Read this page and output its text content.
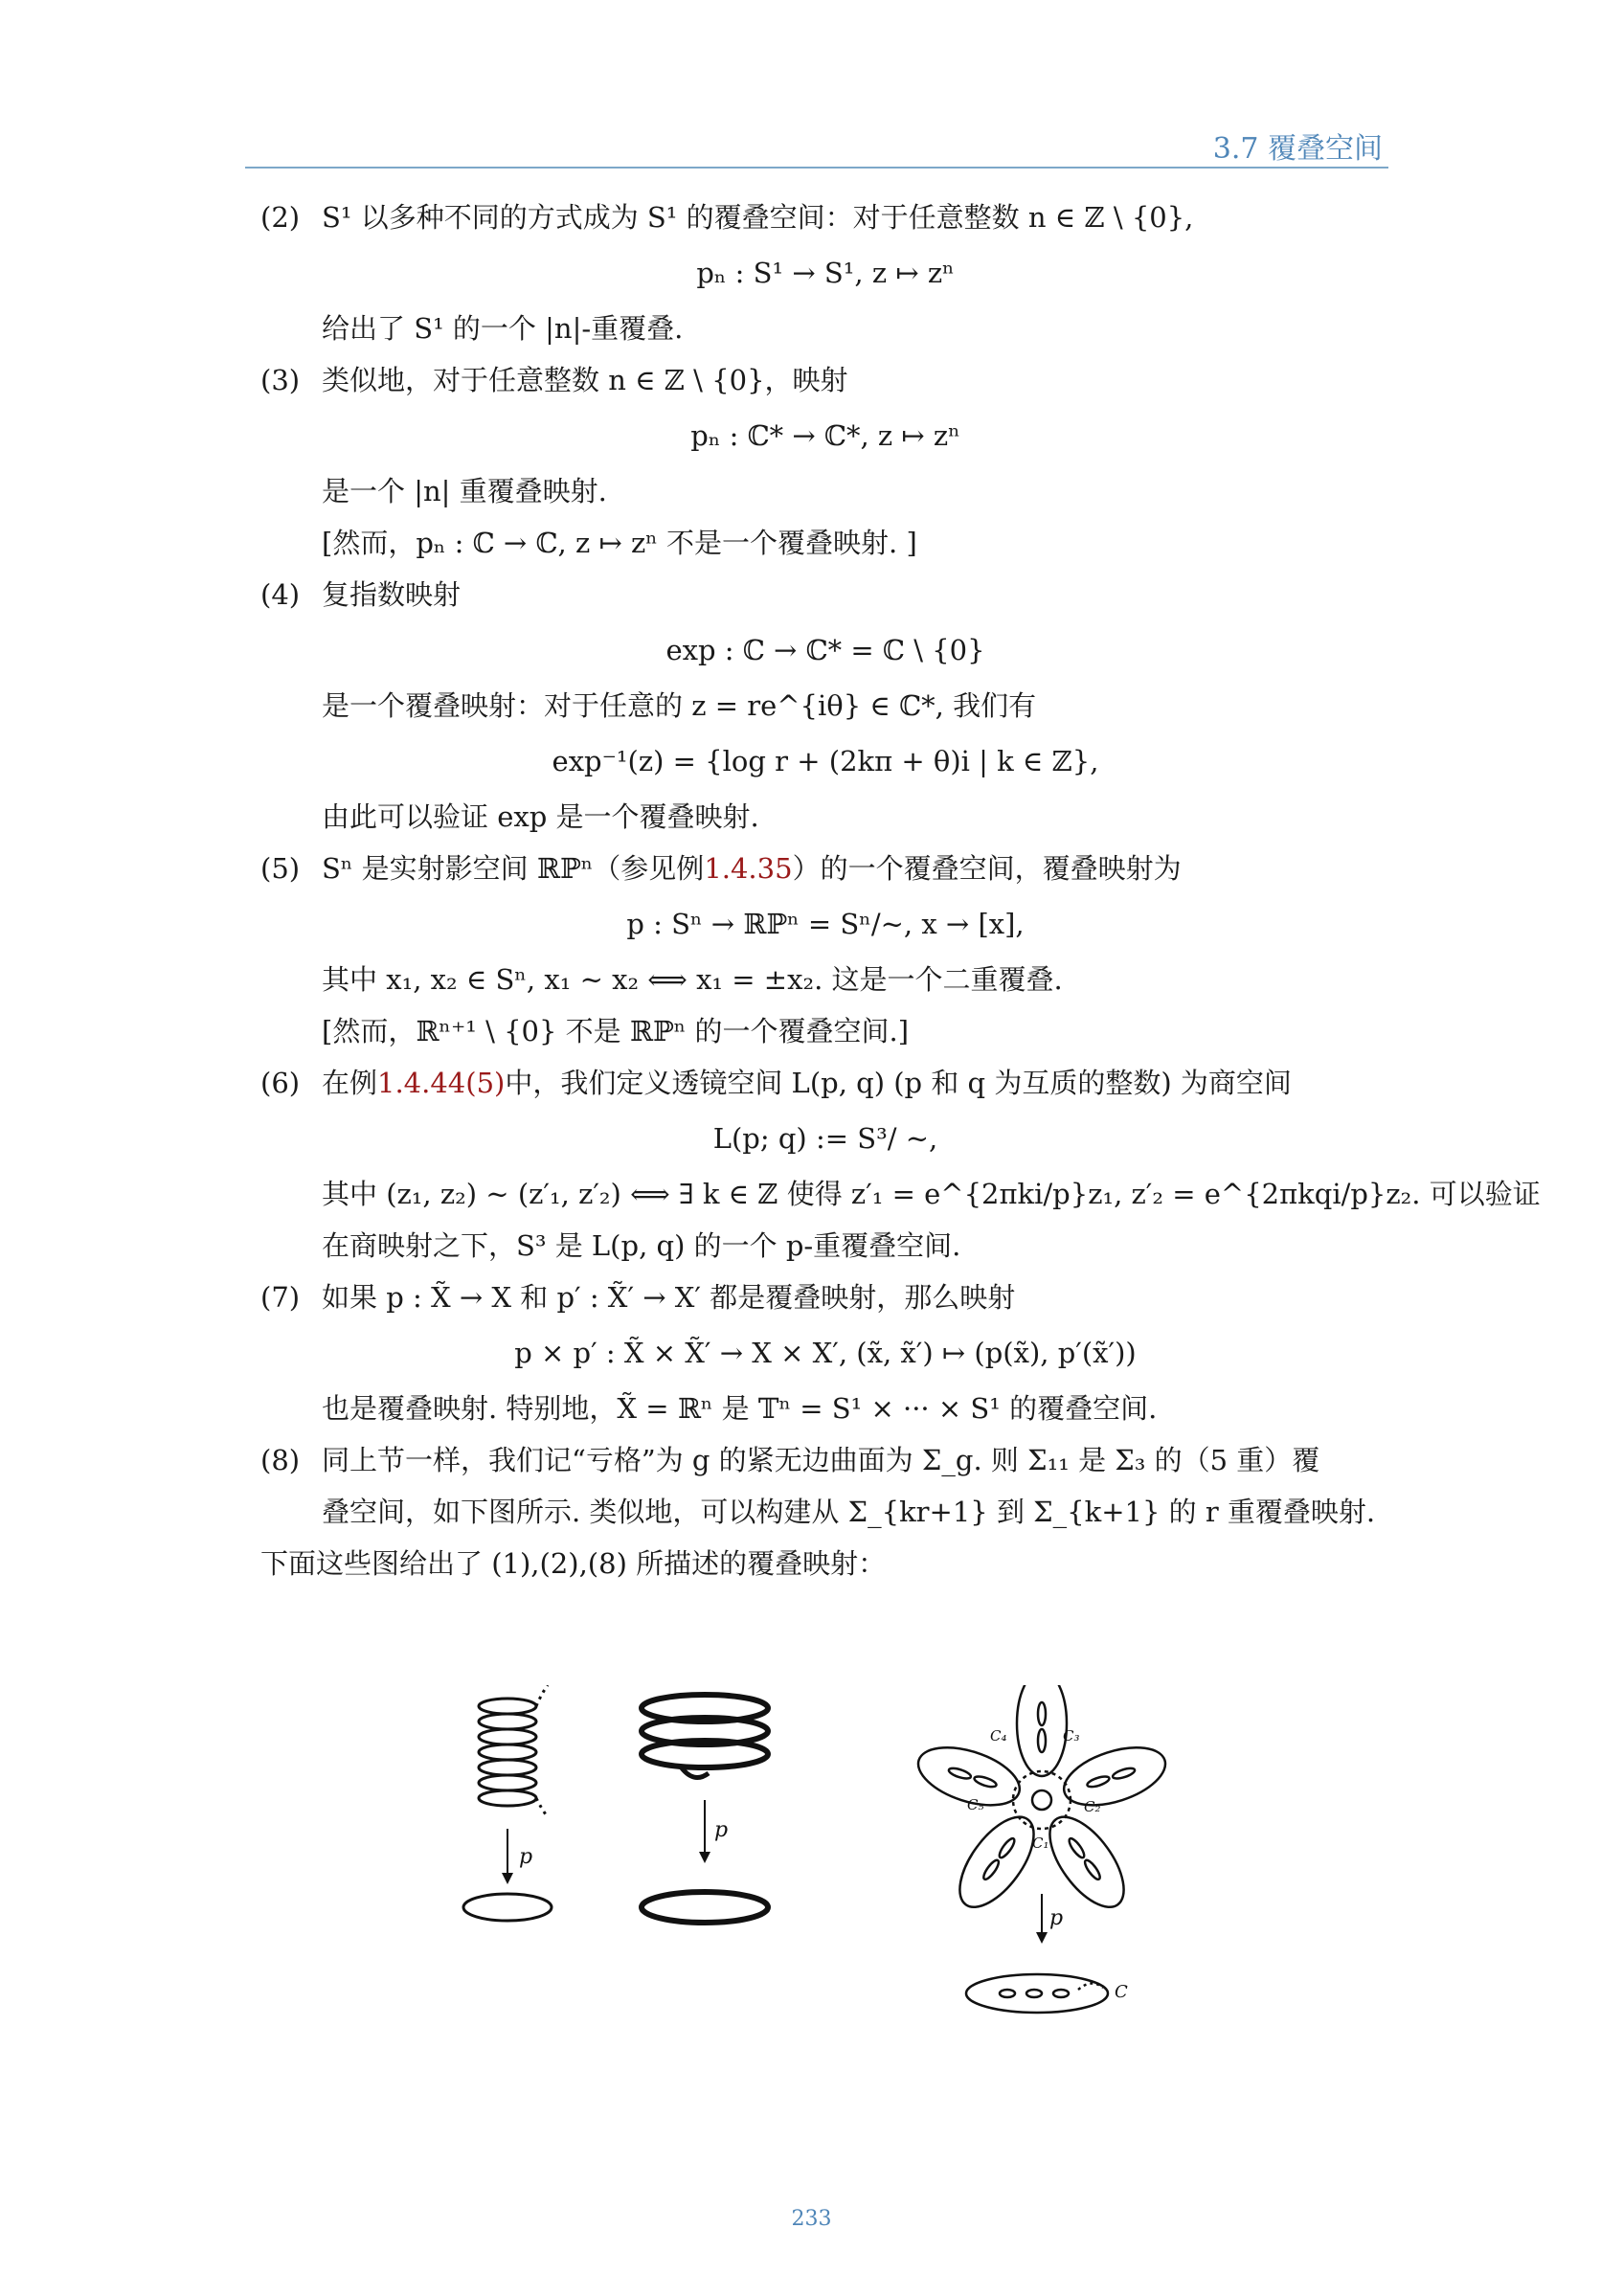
3.7 覆叠空间
(2) S¹ 以多种不同的方式成为 S¹ 的覆叠空间：对于任意整数 n ∈ ℤ \ {0},
pₙ : S¹ → S¹, z ↦ zⁿ
给出了 S¹ 的一个 |n|-重覆叠.
(3) 类似地，对于任意整数 n ∈ ℤ \ {0}，映射
pₙ : ℂ* → ℂ*, z ↦ zⁿ
是一个 |n| 重覆叠映射.
[然而，pₙ : ℂ → ℂ, z ↦ zⁿ 不是一个覆叠映射. ]
(4) 复指数映射
exp : ℂ → ℂ* = ℂ \ {0}
是一个覆叠映射：对于任意的 z = re^{iθ} ∈ ℂ*, 我们有
exp⁻¹(z) = {log r + (2kπ + θ)i | k ∈ ℤ},
由此可以验证 exp 是一个覆叠映射.
(5) Sⁿ 是实射影空间 ℝℙⁿ（参见例1.4.35）的一个覆叠空间，覆叠映射为
p : Sⁿ → ℝℙⁿ = Sⁿ/∼, x → [x],
其中 x₁, x₂ ∈ Sⁿ, x₁ ∼ x₂ ⟺ x₁ = ±x₂. 这是一个二重覆叠.
[然而，ℝⁿ⁺¹ \ {0} 不是 ℝℙⁿ 的一个覆叠空间.]
(6) 在例1.4.44(5)中，我们定义透镜空间 L(p, q) (p 和 q 为互质的整数) 为商空间
L(p; q) := S³/ ∼,
其中 (z₁, z₂) ∼ (z′₁, z′₂) ⟺ ∃ k ∈ ℤ 使得 z′₁ = e^{2πki/p}z₁, z′₂ = e^{2πkqi/p}z₂. 可以验证
在商映射之下，S³ 是 L(p, q) 的一个 p-重覆叠空间.
(7) 如果 p : X̃ → X 和 p′ : X̃′ → X′ 都是覆叠映射，那么映射
p × p′ : X̃ × X̃′ → X × X′, (x̃, x̃′) ↦ (p(x̃), p′(x̃′))
也是覆叠映射. 特别地，X̃ = ℝⁿ 是 𝕋ⁿ = S¹ × ··· × S¹ 的覆叠空间.
(8) 同上节一样，我们记“亏格”为 g 的紧无边曲面为 Σ_g. 则 Σ₁₁ 是 Σ₃ 的（5 重）覆
叠空间，如下图所示. 类似地，可以构建从 Σ_{kr+1} 到 Σ_{k+1} 的 r 重覆叠映射.
下面这些图给出了 (1),(2),(8) 所描述的覆叠映射：
p
p
p
C₄	C₃
C₅	C₂
C₁
C
233
